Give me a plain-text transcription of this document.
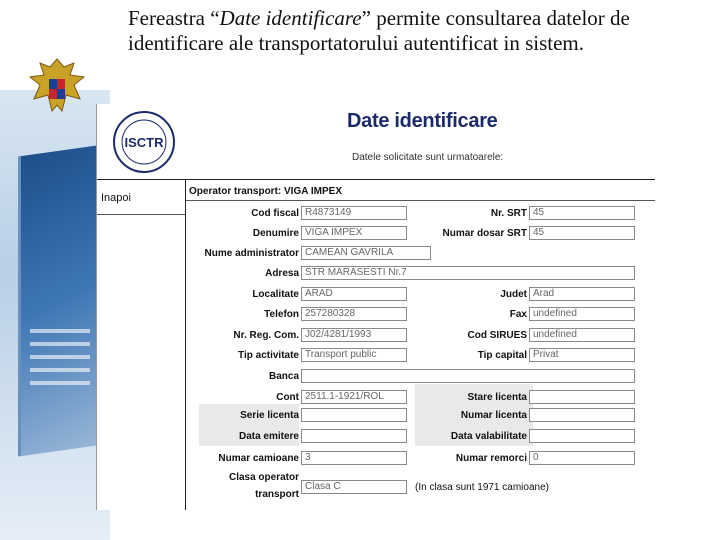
Fereastra “Date identificare” permite consultarea datelor de identificare ale transportatorului autentificat in sistem.

ISCTR
Date identificare
Datele solicitate sunt urmatoarele:
Inapoi
Operator transport: VIGA IMPEX
Cod fiscal R4873149	Nr. SRT 45
Denumire VIGA IMPEX	Numar dosar SRT 45
Nume administrator CAMEAN GAVRILA
Adresa STR MARASESTI Nr.7
Localitate ARAD	Judet Arad
Telefon 257280328	Fax undefined
Nr. Reg. Com. J02/4281/1993	Cod SIRUES undefined
Tip activitate Transport public	Tip capital Privat
Banca
Cont 2511.1-1921/ROL	Stare licenta
Serie licenta	Numar licenta
Data emitere	Data valabilitate
Numar camioane 3	Numar remorci 0
Clasa operator
transport
Clasa C	(In clasa sunt 1971 camioane)
